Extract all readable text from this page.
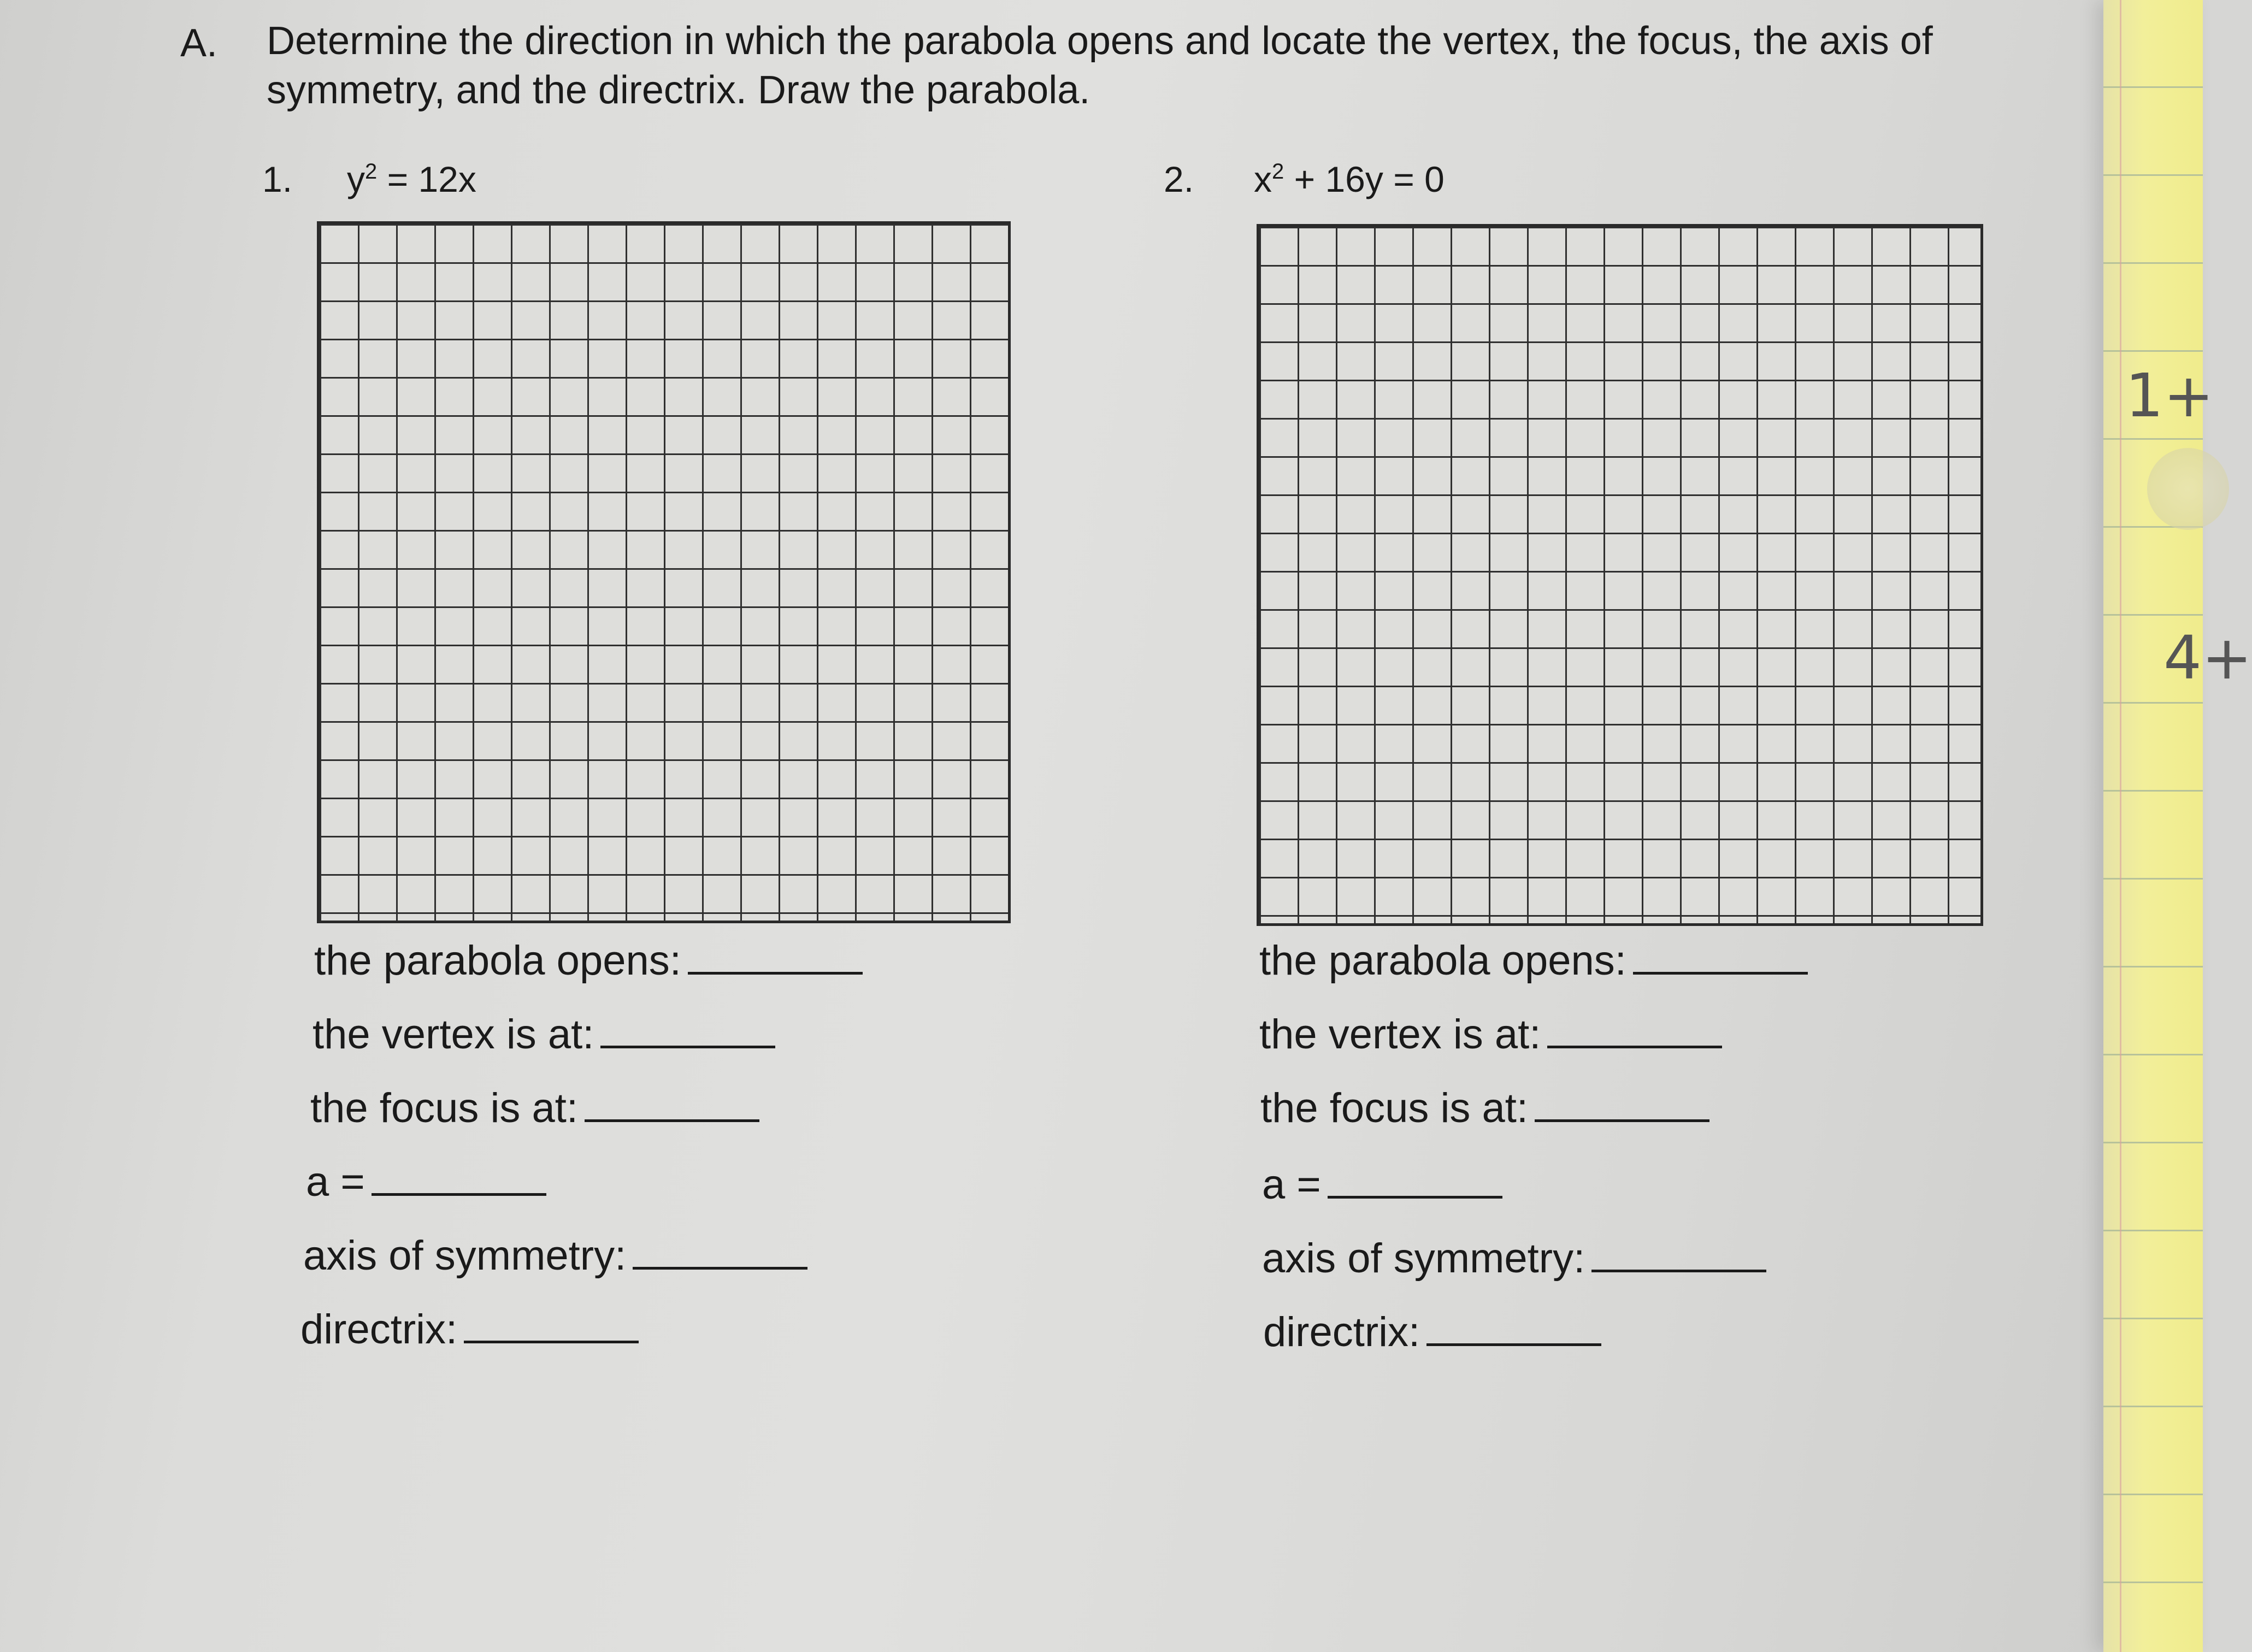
A. Determine the direction in which the parabola opens and locate the vertex, the focus, the axis of symmetry, and the directrix. Draw the parabola.
1. $y^2 = 12x$
the parabola opens:
the vertex is at:
the focus is at:
a =
axis of symmetry:
directrix:
2. $x^2 + 16y = 0$
the parabola opens:
the vertex is at:
the focus is at:
a =
axis of symmetry:
directrix:
1+
4+
